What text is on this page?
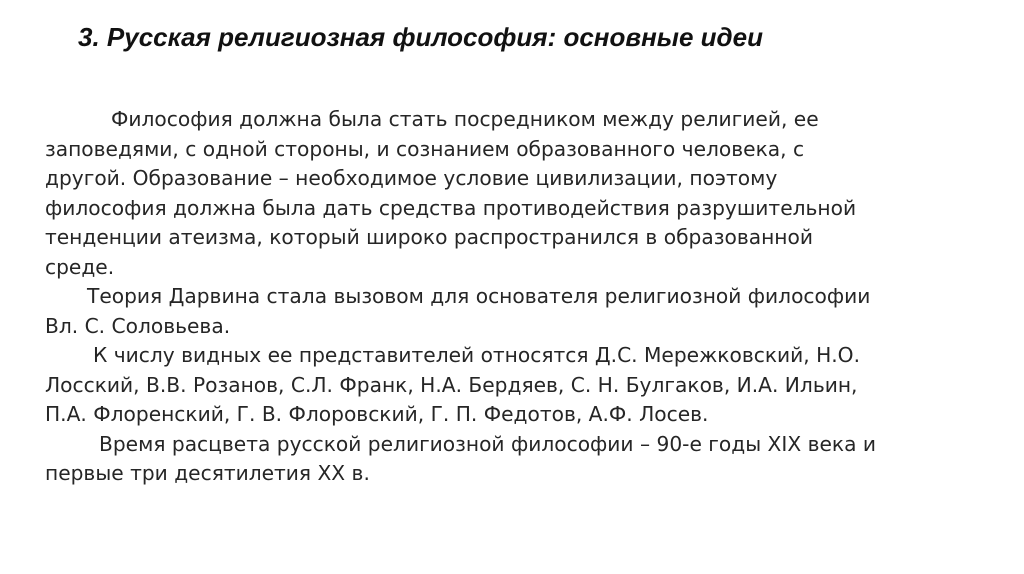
3. Русская религиозная философия: основные идеи
Философия должна была стать посредником между религией, ее
заповедями, с одной стороны, и сознанием образованного человека, с
другой. Образование – необходимое условие цивилизации, поэтому
философия должна была дать средства противодействия разрушительной
тенденции атеизма, который широко распространился в образованной
среде.
Теория Дарвина стала вызовом для основателя религиозной философии
Вл. С. Соловьева.
К числу видных ее представителей относятся Д.С. Мережковский, Н.О.
Лосский, В.В. Розанов, С.Л. Франк, Н.А. Бердяев, С. Н. Булгаков, И.А. Ильин,
П.А. Флоренский, Г. В. Флоровский, Г. П. Федотов, А.Ф. Лосев.
Время расцвета русской религиозной философии – 90-е годы XIX века и
первые три десятилетия XX в.
